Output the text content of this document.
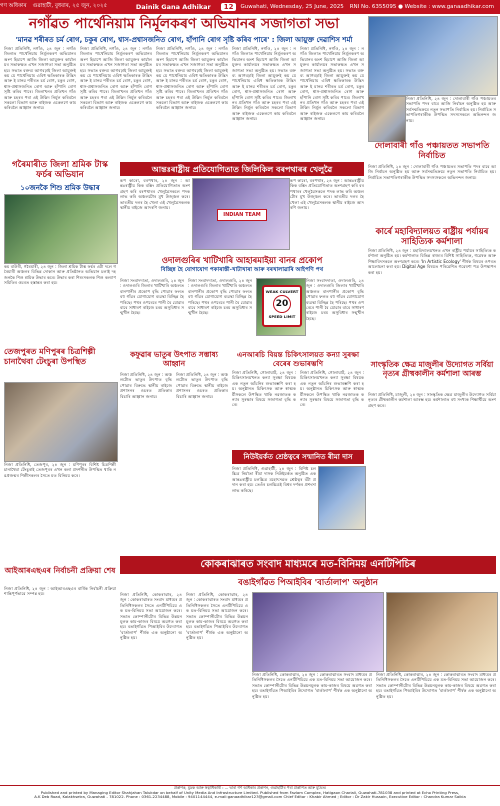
গণ অধিকাৰ গুৱাহাটী, বুধবাৰ, ২৫ জুন, ২০২৫	Dainik Gana Adhikar	12	Guwahati, Wednesday, 25 June, 2025 RNI No. 6355095 ● Website : www.ganaadhikar.com
নগাঁৱত পাৰ্থেনিয়াম নিৰ্মূলকৰণ অভিযানৰ সজাগতা সভা
'মানৱ শৰীৰত চৰ্ম ৰোগ, চকুৰ ৰোগ, শ্বাস-প্ৰশ্বাসজনিত ৰোগ, হাঁপানি ৰোগ সৃষ্টি কৰিব পাৰে' : জিলা আয়ুক্ত দেৱাশিস শৰ্মা
নিজা প্ৰতিনিধি, নগাঁও, ২৪ জুন : নগাঁও জিলাত পাৰ্থেনিয়াম নিৰ্মূলকৰণ অভিযানৰ অংশ হিচাপে আজি জিলা আয়ুক্তৰ কাৰ্যালয়ৰ সভাকক্ষত এখন সজাগতা সভা অনুষ্ঠিত হয়। সভাত বক্তব্য আগবঢ়াই জিলা আয়ুক্তই কয় যে পাৰ্থেনিয়াম এবিধ ক্ষতিকাৰক উদ্ভিদ আৰু ই মানৱ শৰীৰত চৰ্ম ৰোগ, চকুৰ ৰোগ, শ্বাস-প্ৰশ্বাসজনিত ৰোগ আৰু হাঁপানি ৰোগ সৃষ্টি কৰিব পাৰে। জিলাখনৰ প্ৰতিখন গাঁও আৰু চহৰৰ পৰা এই উদ্ভিদ নিৰ্মূল কৰিবলৈ সকলো বিভাগ আৰু ৰাইজক একেলগে কাম কৰিবলৈ আহ্বান জনায়।
নিজা প্ৰতিনিধি, নগাঁও, ২৪ জুন : নগাঁও জিলাত পাৰ্থেনিয়াম নিৰ্মূলকৰণ অভিযানৰ অংশ হিচাপে আজি জিলা আয়ুক্তৰ কাৰ্যালয়ৰ সভাকক্ষত এখন সজাগতা সভা অনুষ্ঠিত হয়। সভাত বক্তব্য আগবঢ়াই জিলা আয়ুক্তই কয় যে পাৰ্থেনিয়াম এবিধ ক্ষতিকাৰক উদ্ভিদ আৰু ই মানৱ শৰীৰত চৰ্ম ৰোগ, চকুৰ ৰোগ, শ্বাস-প্ৰশ্বাসজনিত ৰোগ আৰু হাঁপানি ৰোগ সৃষ্টি কৰিব পাৰে। জিলাখনৰ প্ৰতিখন গাঁও আৰু চহৰৰ পৰা এই উদ্ভিদ নিৰ্মূল কৰিবলৈ সকলো বিভাগ আৰু ৰাইজক একেলগে কাম কৰিবলৈ আহ্বান জনায়।
নিজা প্ৰতিনিধি, নগাঁও, ২৪ জুন : নগাঁও জিলাত পাৰ্থেনিয়াম নিৰ্মূলকৰণ অভিযানৰ অংশ হিচাপে আজি জিলা আয়ুক্তৰ কাৰ্যালয়ৰ সভাকক্ষত এখন সজাগতা সভা অনুষ্ঠিত হয়। সভাত বক্তব্য আগবঢ়াই জিলা আয়ুক্তই কয় যে পাৰ্থেনিয়াম এবিধ ক্ষতিকাৰক উদ্ভিদ আৰু ই মানৱ শৰীৰত চৰ্ম ৰোগ, চকুৰ ৰোগ, শ্বাস-প্ৰশ্বাসজনিত ৰোগ আৰু হাঁপানি ৰোগ সৃষ্টি কৰিব পাৰে। জিলাখনৰ প্ৰতিখন গাঁও আৰু চহৰৰ পৰা এই উদ্ভিদ নিৰ্মূল কৰিবলৈ সকলো বিভাগ আৰু ৰাইজক একেলগে কাম কৰিবলৈ আহ্বান জনায়।
নিজা প্ৰতিনিধি, নগাঁও, ২৪ জুন : নগাঁও জিলাত পাৰ্থেনিয়াম নিৰ্মূলকৰণ অভিযানৰ অংশ হিচাপে আজি জিলা আয়ুক্তৰ কাৰ্যালয়ৰ সভাকক্ষত এখন সজাগতা সভা অনুষ্ঠিত হয়। সভাত বক্তব্য আগবঢ়াই জিলা আয়ুক্তই কয় যে পাৰ্থেনিয়াম এবিধ ক্ষতিকাৰক উদ্ভিদ আৰু ই মানৱ শৰীৰত চৰ্ম ৰোগ, চকুৰ ৰোগ, শ্বাস-প্ৰশ্বাসজনিত ৰোগ আৰু হাঁপানি ৰোগ সৃষ্টি কৰিব পাৰে। জিলাখনৰ প্ৰতিখন গাঁও আৰু চহৰৰ পৰা এই উদ্ভিদ নিৰ্মূল কৰিবলৈ সকলো বিভাগ আৰু ৰাইজক একেলগে কাম কৰিবলৈ আহ্বান জনায়।
নিজা প্ৰতিনিধি, নগাঁও, ২৪ জুন : নগাঁও জিলাত পাৰ্থেনিয়াম নিৰ্মূলকৰণ অভিযানৰ অংশ হিচাপে আজি জিলা আয়ুক্তৰ কাৰ্যালয়ৰ সভাকক্ষত এখন সজাগতা সভা অনুষ্ঠিত হয়। সভাত বক্তব্য আগবঢ়াই জিলা আয়ুক্তই কয় যে পাৰ্থেনিয়াম এবিধ ক্ষতিকাৰক উদ্ভিদ আৰু ই মানৱ শৰীৰত চৰ্ম ৰোগ, চকুৰ ৰোগ, শ্বাস-প্ৰশ্বাসজনিত ৰোগ আৰু হাঁপানি ৰোগ সৃষ্টি কৰিব পাৰে। জিলাখনৰ প্ৰতিখন গাঁও আৰু চহৰৰ পৰা এই উদ্ভিদ নিৰ্মূল কৰিবলৈ সকলো বিভাগ আৰু ৰাইজক একেলগে কাম কৰিবলৈ আহ্বান জনায়।
নিজা প্ৰতিনিধি, ২৪ জুন : দোলাবাৰী গাঁও পঞ্চায়তৰ সভাপতি পদৰ বাবে আজি নিৰ্বাচন অনুষ্ঠিত হয় আৰু সৰ্বসন্মতিক্ৰমে নতুন সভাপতি নিৰ্বাচিত হয়। নিৰ্বাচিত সভাপতিগৰাকীক উপস্থিত সদস্যসকলে অভিনন্দন জনায়।
দোলাবাৰী গাঁও পঞ্চায়তত সভাপতি নিৰ্বাচিত
নিজা প্ৰতিনিধি, ২৪ জুন : দোলাবাৰী গাঁও পঞ্চায়তৰ সভাপতি পদৰ বাবে আজি নিৰ্বাচন অনুষ্ঠিত হয় আৰু সৰ্বসন্মতিক্ৰমে নতুন সভাপতি নিৰ্বাচিত হয়। নিৰ্বাচিত সভাপতিগৰাকীক উপস্থিত সদস্যসকলে অভিনন্দন জনায়।
গৰৈমাৰীত জিলা শ্ৰমিক টাস্ক ফৰ্চৰ অভিযান
১০জনকৈ শিশু শ্ৰমিক উদ্ধাৰ
কম বাউৰী, গৰৈমাৰী, ২৪ জুন : জিলা শ্ৰমিক টাস্ক ফৰ্চৰ এটা দলে গৰৈমাৰী অঞ্চলৰ বিভিন্ন দোকান আৰু প্ৰতিষ্ঠানত অভিযান চলাই দহজনকৈ শিশু শ্ৰমিক উদ্ধাৰ কৰে। উদ্ধাৰ কৰা শিশুসকলক শিশু কল্যাণ সমিতিৰ ওচৰত হস্তান্তৰ কৰা হয়।
আন্তঃৰাষ্ট্ৰীয় প্ৰতিযোগিতাত জিলিকিল বৰপথাৰৰ খেলুৱৈ
ৰূপ কাৰো, বৰপথাৰ, ২৪ জুন : আন্তঃৰাষ্ট্ৰীয় কিক বক্সিং প্ৰতিযোগিতাত অংশগ্ৰহণ কৰি বৰপথাৰৰ খেলুৱৈসকলে পদক লাভ কৰি অঞ্চলটোৰ মুখ উজ্জ্বল কৰে। ভাৰতীয় দলৰ হৈ খেলা এই খেলুৱৈসকলক স্থানীয় ৰাইজে আদৰণি জনায়।
INDIAN TEAM
ৰূপ কাৰো, বৰপথাৰ, ২৪ জুন : আন্তঃৰাষ্ট্ৰীয় কিক বক্সিং প্ৰতিযোগিতাত অংশগ্ৰহণ কৰি বৰপথাৰৰ খেলুৱৈসকলে পদক লাভ কৰি অঞ্চলটোৰ মুখ উজ্জ্বল কৰে। ভাৰতীয় দলৰ হৈ খেলা এই খেলুৱৈসকলক স্থানীয় ৰাইজে আদৰণি জনায়।
ওদালগুৰিৰ খাটিখাৰি আহাৰমাইয়া বানৰ প্ৰকোপ
বিচ্ছিন্ন হৈ যোগাযোগ পকাৰাস্তী-খাটাখাৰা আৰু বৰখালাৱাৰি আইপণি পথ
নিজা সংবাদদাতা, ওদালগুৰি, ২৪ জুন : ওদালগুৰি জিলাৰ খাটিখাৰি অঞ্চলত বানপানীৰ প্ৰকোপ বৃদ্ধি পোৱাৰ ফলত বহু গাঁৱৰ যোগাযোগ ব্যৱস্থা বিচ্ছিন্ন হৈ পৰিছে। পথৰ ওপৰেৰে পানী বৈ যোৱাৰ বাবে সাধাৰণ ৰাইজে চৰম অসুবিধাৰ সন্মুখীন হৈছে।
নিজা সংবাদদাতা, ওদালগুৰি, ২৪ জুন : ওদালগুৰি জিলাৰ খাটিখাৰি অঞ্চলত বানপানীৰ প্ৰকোপ বৃদ্ধি পোৱাৰ ফলত বহু গাঁৱৰ যোগাযোগ ব্যৱস্থা বিচ্ছিন্ন হৈ পৰিছে। পথৰ ওপৰেৰে পানী বৈ যোৱাৰ বাবে সাধাৰণ ৰাইজে চৰম অসুবিধাৰ সন্মুখীন হৈছে।
WEAK CULVERT
20
SPEED LIMIT
নিজা সংবাদদাতা, ওদালগুৰি, ২৪ জুন : ওদালগুৰি জিলাৰ খাটিখাৰি অঞ্চলত বানপানীৰ প্ৰকোপ বৃদ্ধি পোৱাৰ ফলত বহু গাঁৱৰ যোগাযোগ ব্যৱস্থা বিচ্ছিন্ন হৈ পৰিছে। পথৰ ওপৰেৰে পানী বৈ যোৱাৰ বাবে সাধাৰণ ৰাইজে চৰম অসুবিধাৰ সন্মুখীন হৈছে।
কাৰ্ৰে মহাবিদ্যালয়ত ৰাষ্ট্ৰীয় পৰ্যায়ৰ সাহিত্যিক কৰ্মশালা
নিজা প্ৰতিনিধি, ২৪ জুন : মহাবিদ্যালয়খনত এখন ৰাষ্ট্ৰীয় পৰ্যায়ৰ সাহিত্যিক কৰ্মশালা অনুষ্ঠিত হয়। কৰ্মশালাত বিভিন্ন ৰাজ্যৰ বিশিষ্ট সাহিত্যিক, গৱেষক আৰু শিক্ষাবিদসকলে অংশগ্ৰহণ কৰে। 'In Artistic Ecology' শীৰ্ষক বিষয়ৰ ওপৰত আলোচনা কৰা হয়। Digital Age বিষয়ত পৰিৱেশিত গৱেষণা পত্ৰ উপস্থাপন কৰা হয়।
তেজপুৰত মণিপুৰৰ চিত্ৰশিল্পী চানাথৈবা টেংচুৰা উপস্থিত
নিজা প্ৰতিনিধি, তেজপুৰ, ২৪ জুন : মণিপুৰৰ বিশিষ্ট চিত্ৰশিল্পী চানাথৈবা টেংচুৰাই তেজপুৰৰ এখন কলা প্ৰদৰ্শনীত উপস্থিত থাকি নৱপ্ৰজন্মৰ শিল্পীসকলৰ সৈতে মত বিনিময় কৰে।
কফুৱাৰ ভাতুৰ উৎপাত সম্ভাষ্য আহ্বান
নিজা প্ৰতিনিধি, ২৪ জুন : অঞ্চলটোত ভাতুৰ উৎপাত বৃদ্ধি পোৱাৰ বিৰুদ্ধে স্থানীয় ৰাইজে প্ৰশাসনৰ ওচৰত প্ৰতিকাৰ বিচাৰি আহ্বান জনায়।
নিজা প্ৰতিনিধি, ২৪ জুন : অঞ্চলটোত ভাতুৰ উৎপাত বৃদ্ধি পোৱাৰ বিৰুদ্ধে স্থানীয় ৰাইজে প্ৰশাসনৰ ওচৰত প্ৰতিকাৰ বিচাৰি আহ্বান জনায়।
এনআৰচি বিয়ন্ত চিকিৎসালয়ত কন্যা সুৰক্ষা বেৰেৰ শুভাৰম্ভণি
নিজা প্ৰতিনিধি, গোলাঘাট, ২৪ জুন : চিকিৎসালয়খনত কন্যা সুৰক্ষা বিষয়ক এক নতুন আঁচনিৰ শুভাৰম্ভণি কৰা হয়। অনুষ্ঠানত চিকিৎসক আৰু স্বাস্থ্যকৰ্মীসকলে উপস্থিত থাকি নৱজাতক কন্যাৰ সুৰক্ষাৰ বিষয়ে সজাগতা বৃদ্ধি কৰে।
নিজা প্ৰতিনিধি, গোলাঘাট, ২৪ জুন : চিকিৎসালয়খনত কন্যা সুৰক্ষা বিষয়ক এক নতুন আঁচনিৰ শুভাৰম্ভণি কৰা হয়। অনুষ্ঠানত চিকিৎসক আৰু স্বাস্থ্যকৰ্মীসকলে উপস্থিত থাকি নৱজাতক কন্যাৰ সুৰক্ষাৰ বিষয়ে সজাগতা বৃদ্ধি কৰে।
সাংস্কৃতিক ক্ষেত্ৰ মাজুলীৰ উদ্যোগত সৰ্বিয়া নৃত্যৰ গ্ৰীষ্মকালীন কৰ্মশালা আৰম্ভ
নিজা প্ৰতিনিধি, মাজুলী, ২৪ জুন : সাংস্কৃতিক ক্ষেত্ৰ মাজুলীৰ উদ্যোগত সৰ্বিয়া নৃত্যৰ গ্ৰীষ্মকালীন কৰ্মশালা আৰম্ভ হয়। কৰ্মশালাত বহু সংখ্যক শিক্ষাৰ্থীয়ে অংশগ্ৰহণ কৰে।
নিউইয়ৰ্কত শ্ৰেষ্ঠত্বৰে সন্মানিত ৰীমা দাস
নিজা প্ৰতিনিধি, গুৱাহাটী, ২৪ জুন : বিশিষ্ট চলচ্চিত্ৰ নিৰ্মাতা ৰীমা দাসক নিউইয়ৰ্কত অনুষ্ঠিত এক আন্তঃৰাষ্ট্ৰীয় চলচ্চিত্ৰ মহোৎসৱত শ্ৰেষ্ঠত্বৰ বঁটা প্ৰদান কৰা হয়। তেওঁৰ চলচ্চিত্ৰই বিশ্বৰ দৰ্শকৰ প্ৰশংসা লাভ কৰিছে।
আইআৰএছএৰ নিৰ্বাচনী প্ৰক্ৰিয়া শেষ
নিজা প্ৰতিনিধি, ২৪ জুন : আইআৰএছএৰ বাৰ্ষিক নিৰ্বাচনী প্ৰক্ৰিয়া শান্তিপূৰ্ণভাৱে সম্পন্ন হয়।
কোকৰাঝাৰত সংবাদ মাধ্যমৰে মত-বিনিময় এনটিপিচিৰ
বঙাইগাঁৱত পিআইবিৰ 'বাৰ্তালাপ' অনুষ্ঠান
নিজা প্ৰতিনিধি, কোকৰাঝাৰ, ২৪ জুন : কোকৰাঝাৰত সংবাদ মাধ্যমৰ প্ৰতিনিধিসকলৰ সৈতে এনটিপিচিয়ে এক মত-বিনিময় সভা আয়োজন কৰে। সভাত কোম্পানীটোৰ বিভিন্ন উন্নয়নমূলক কাম-কাজৰ বিষয়ে অৱগত কৰা হয়। বঙাইগাঁৱত পিআইবিৰ উদ্যোগত 'বাৰ্তালাপ' শীৰ্ষক এক অনুষ্ঠানো অনুষ্ঠিত হয়।
নিজা প্ৰতিনিধি, কোকৰাঝাৰ, ২৪ জুন : কোকৰাঝাৰত সংবাদ মাধ্যমৰ প্ৰতিনিধিসকলৰ সৈতে এনটিপিচিয়ে এক মত-বিনিময় সভা আয়োজন কৰে। সভাত কোম্পানীটোৰ বিভিন্ন উন্নয়নমূলক কাম-কাজৰ বিষয়ে অৱগত কৰা হয়। বঙাইগাঁৱত পিআইবিৰ উদ্যোগত 'বাৰ্তালাপ' শীৰ্ষক এক অনুষ্ঠানো অনুষ্ঠিত হয়।
নিজা প্ৰতিনিধি, কোকৰাঝাৰ, ২৪ জুন : কোকৰাঝাৰত সংবাদ মাধ্যমৰ প্ৰতিনিধিসকলৰ সৈতে এনটিপিচিয়ে এক মত-বিনিময় সভা আয়োজন কৰে। সভাত কোম্পানীটোৰ বিভিন্ন উন্নয়নমূলক কাম-কাজৰ বিষয়ে অৱগত কৰা হয়। বঙাইগাঁৱত পিআইবিৰ উদ্যোগত 'বাৰ্তালাপ' শীৰ্ষক এক অনুষ্ঠানো অনুষ্ঠিত হয়।
নিজা প্ৰতিনিধি, কোকৰাঝাৰ, ২৪ জুন : কোকৰাঝাৰত সংবাদ মাধ্যমৰ প্ৰতিনিধিসকলৰ সৈতে এনটিপিচিয়ে এক মত-বিনিময় সভা আয়োজন কৰে। সভাত কোম্পানীটোৰ বিভিন্ন উন্নয়নমূলক কাম-কাজৰ বিষয়ে অৱগত কৰা হয়। বঙাইগাঁৱত পিআইবিৰ উদ্যোগত 'বাৰ্তালাপ' শীৰ্ষক এক অনুষ্ঠানো অনুষ্ঠিত হয়।
প্ৰকাশক, মুদ্ৰক আৰু স্বত্বাধিকাৰী : ... দ্বাৰা গণ অধিকাৰ প্ৰকাশন, গুৱাহাটীৰ পৰা প্ৰকাশিত আৰু মুদ্ৰিত।
Published and printed by Managing Editor Shahjahan Talukdar on behalf of Unity Media And Infrastructure Limited. Published from Fazlam Complex, Hatigaon Chariali, Guwahati-781038 and printed at Echo Printing Press,
A.K Deb Road, Kalakhsetra, Guwahati - 781022. Phone : 0361-2234488, Mobile : 9401144444, e-mail:ganaadhikar123@gmail.com Chief Editor : Khabir Ahmed ; Editor : Dr Zakir Hussain, Executive Editor : Chandra Kumar Saikia
